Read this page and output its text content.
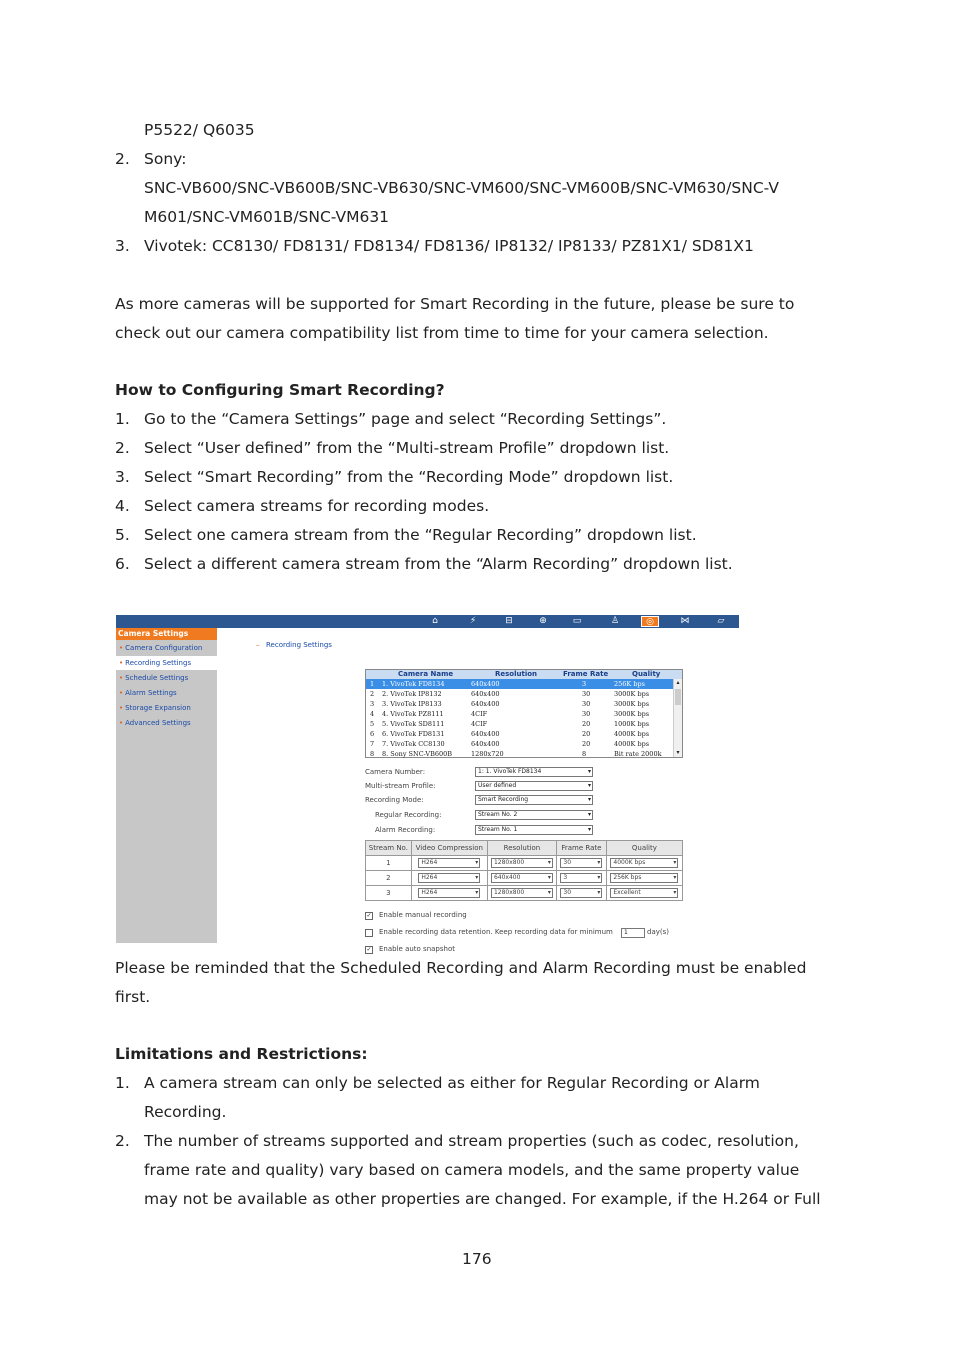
P5522/ Q6035
2. Sony:
SNC-VB600/SNC-VB600B/SNC-VB630/SNC-VM600/SNC-VM600B/SNC-VM630/SNC-V
M601/SNC-VM601B/SNC-VM631
3. Vivotek: CC8130/ FD8131/ FD8134/ FD8136/ IP8132/ IP8133/ PZ81X1/ SD81X1
As more cameras will be supported for Smart Recording in the future, please be sure to
check out our camera compatibility list from time to time for your camera selection.
How to Configuring Smart Recording?
1. Go to the “Camera Settings” page and select “Recording Settings”.
2. Select “User defined” from the “Multi-stream Profile” dropdown list.
3. Select “Smart Recording” from the “Recording Mode” dropdown list.
4. Select camera streams for recording modes.
5. Select one camera stream from the “Regular Recording” dropdown list.
6. Select a different camera stream from the “Alarm Recording” dropdown list.
⌂	⚡	⊟	⊕	▭	♙	◎	⋈	▱
Camera Settings
• Camera Configuration
• Recording Settings
• Schedule Settings
• Alarm Settings
• Storage Expansion
• Advanced Settings
– Recording Settings
Camera Name	Resolution	Frame Rate	Quality
1 1. VivoTek FD8134	640x400	3	256K bps
2 2. VivoTek IP8132	640x400	30	3000K bps
3 3. VivoTek IP8133	640x400	30	3000K bps
4 4. VivoTek PZ8111	4CIF	30	3000K bps
5 5. VivoTek SD8111	4CIF	20	1000K bps
6 6. VivoTek FD8131	640x400	20	4000K bps
7 7. VivoTek CC8130	640x400	20	4000K bps
8 8. Sony SNC-VB600B	1280x720	8	Bit rate 2000k
▴
▾
Camera Number:	1: 1. VivoTek FD8134	▾
Multi-stream Profile:	User defined	▾
Recording Mode:	Smart Recording	▾
Regular Recording:	Stream No. 2	▾
Alarm Recording:	Stream No. 1	▾
Stream No.	Video Compression	Resolution	Frame Rate	Quality
1	H264 ▾	1280x800 ▾	30 ▾	4000K bps ▾

2	H264 ▾	640x400 ▾	3 ▾	256K bps ▾

3	H264 ▾	1280x800 ▾	30 ▾	Excellent ▾
✓ Enable manual recording
Enable recording data retention. Keep recording data for minimum	1	day(s)
✓ Enable auto snapshot
Please be reminded that the Scheduled Recording and Alarm Recording must be enabled
first.
Limitations and Restrictions:
1. A camera stream can only be selected as either for Regular Recording or Alarm
Recording.
2. The number of streams supported and stream properties (such as codec, resolution,
frame rate and quality) vary based on camera models, and the same property value
may not be available as other properties are changed. For example, if the H.264 or Full
176
